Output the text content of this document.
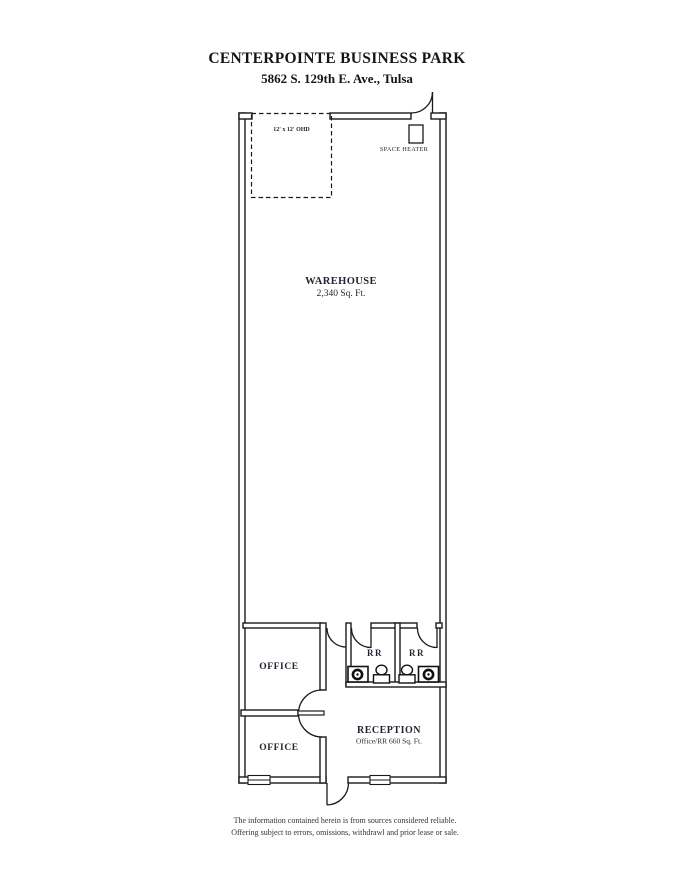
CENTERPOINTE BUSINESS PARK
5862 S. 129th E. Ave., Tulsa
12' x 12' OHD
SPACE HEATER
WAREHOUSE
2,340 Sq. Ft.
OFFICE
OFFICE
RR	RR
RECEPTION
Office/RR 660 Sq. Ft.
The information contained herein is from sources considered reliable.
Offering subject to errors, omissions, withdrawl and prior lease or sale.
